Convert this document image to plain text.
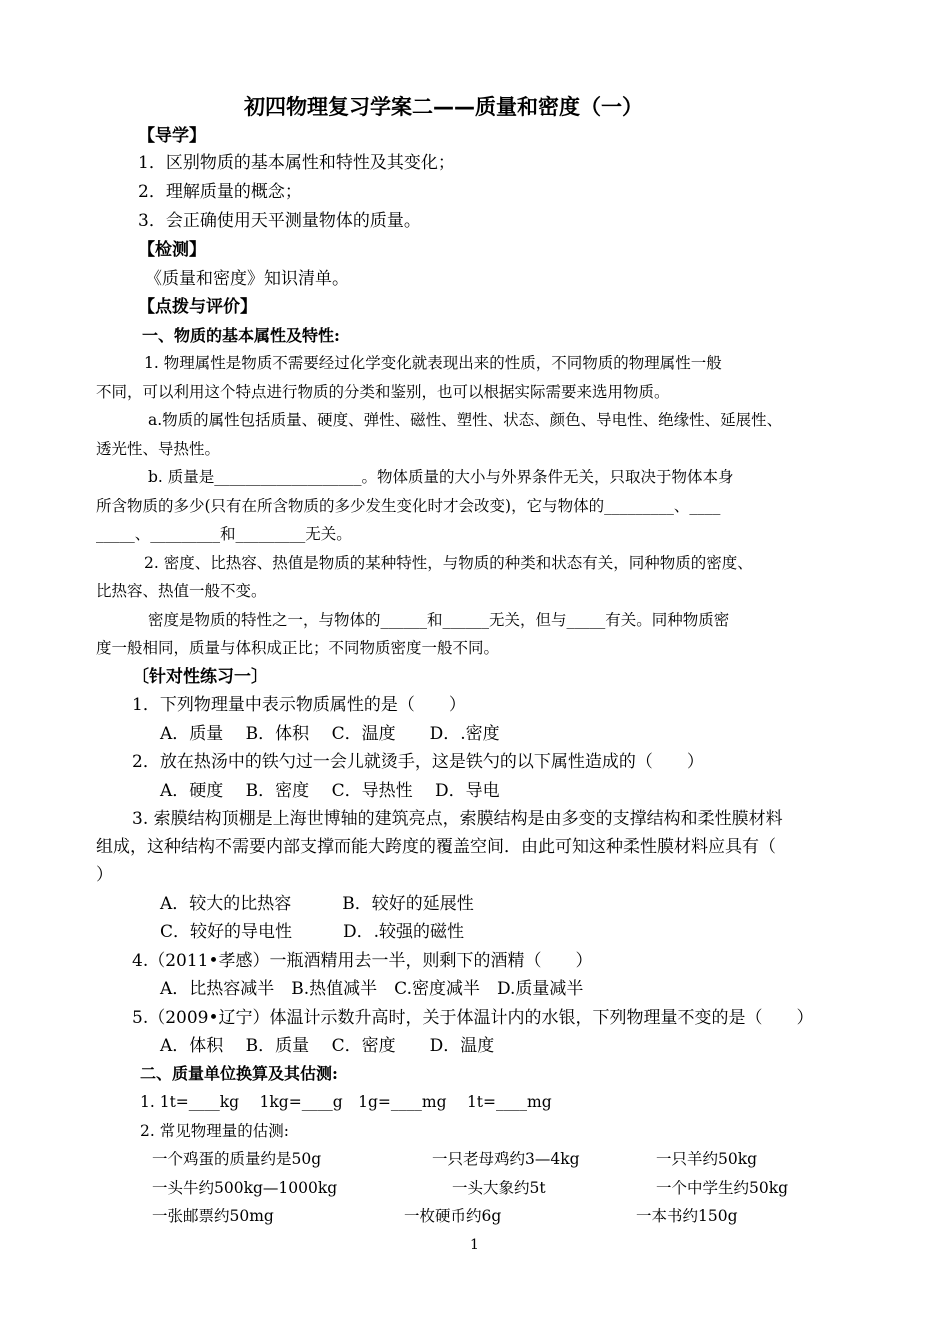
初四物理复习学案二——质量和密度（一）
【导学】
1．区别物质的基本属性和特性及其变化；
2．理解质量的概念；
3．会正确使用天平测量物体的质量。
【检测】
《质量和密度》知识清单。
【点拨与评价】
一、物质的基本属性及特性:
1. 物理属性是物质不需要经过化学变化就表现出来的性质，不同物质的物理属性一般
不同，可以利用这个特点进行物质的分类和鉴别，也可以根据实际需要来选用物质。
a.物质的属性包括质量、硬度、弹性、磁性、塑性、状态、颜色、导电性、绝缘性、延展性、
透光性、导热性。
b. 质量是___________________。物体质量的大小与外界条件无关，只取决于物体本身
所含物质的多少(只有在所含物质的多少发生变化时才会改变)，它与物体的_________、____
_____、_________和_________无关。
2. 密度、比热容、热值是物质的某种特性，与物质的种类和状态有关，同种物质的密度、
比热容、热值一般不变。
密度是物质的特性之一，与物体的______和______无关，但与_____有关。同种物质密
度一般相同，质量与体积成正比；不同物质密度一般不同。
〔针对性练习一〕
1．下列物理量中表示物质属性的是（　　）
A．质量　 B．体积　 C．温度　　D．.密度
2．放在热汤中的铁勺过一会儿就烫手，这是铁勺的以下属性造成的（　　）
A．硬度　 B．密度　 C．导热性　 D．导电
3. 索膜结构顶棚是上海世博轴的建筑亮点，索膜结构是由多变的支撑结构和柔性膜材料
组成，这种结构不需要内部支撑而能大跨度的覆盖空间．由此可知这种柔性膜材料应具有（
）
A．较大的比热容　　　B．较好的延展性
C．较好的导电性　　　D．.较强的磁性
4.（2011•孝感）一瓶酒精用去一半，则剩下的酒精（　　）
A．比热容减半　B.热值减半　C.密度减半　D.质量减半
5.（2009•辽宁）体温计示数升高时，关于体温计内的水银，下列物理量不变的是（　　）
A．体积　 B．质量　 C．密度　　D．温度
二、质量单位换算及其估测:
1. 1t=____kg　 1kg=____g　1g=____mg　 1t=____mg
2. 常见物理量的估测:
一个鸡蛋的质量约是50g	一只老母鸡约3—4kg	一只羊约50kg
一头牛约500kg—1000kg	一头大象约5t	一个中学生约50kg
一张邮票约50mg	一枚硬币约6g	一本书约150g
1
